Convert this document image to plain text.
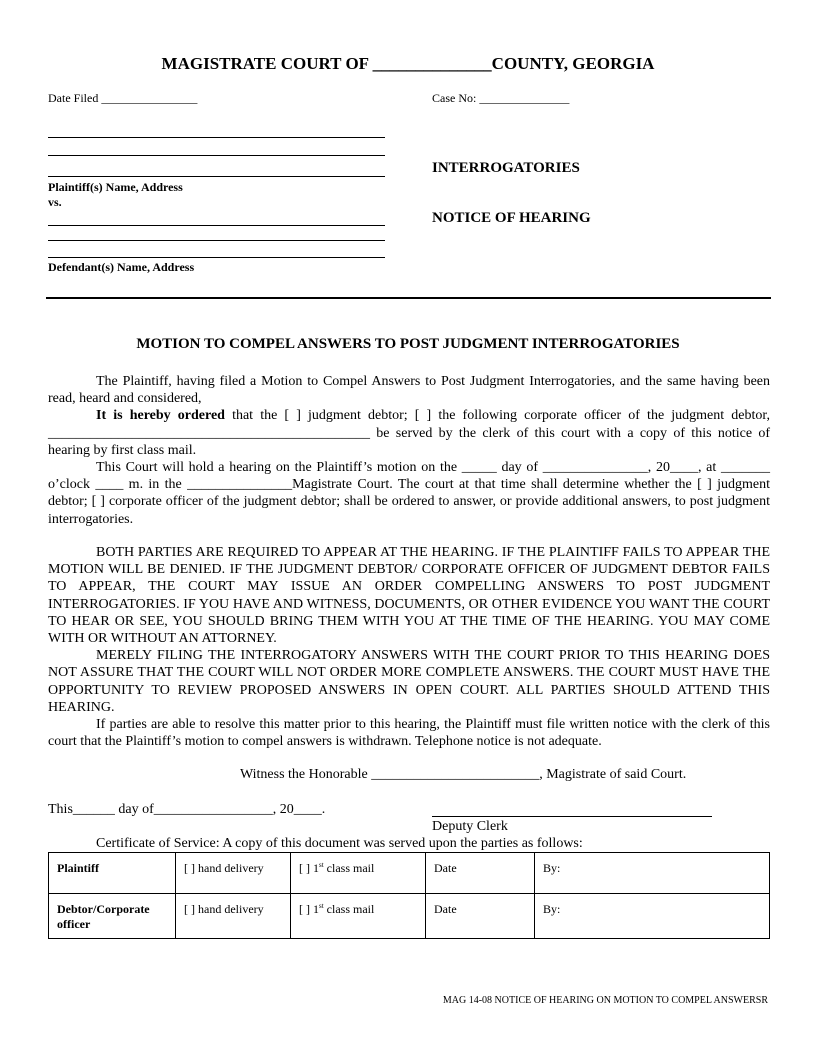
MAGISTRATE COURT OF ______________COUNTY, GEORGIA
Date Filed ________________	Case No: _______________
Plaintiff(s) Name, Address
vs.
Defendant(s) Name, Address
INTERROGATORIES
NOTICE OF HEARING
MOTION TO COMPEL ANSWERS TO POST JUDGMENT INTERROGATORIES

The Plaintiff, having filed a Motion to Compel Answers to Post Judgment Interrogatories, and the same having been read, heard and considered,

It is hereby ordered that the [ ] judgment debtor; [ ] the following corporate officer of the judgment debtor, ______________________________________________ be served by the clerk of this court with a copy of this notice of hearing by first class mail.

This Court will hold a hearing on the Plaintiff’s motion on the _____ day of _______________, 20____, at _______ o’clock ____ m. in the _______________Magistrate Court. The court at that time shall determine whether the [ ] judgment debtor; [ ] corporate officer of the judgment debtor; shall be ordered to answer, or provide additional answers, to post judgment interrogatories.

BOTH PARTIES ARE REQUIRED TO APPEAR AT THE HEARING. IF THE PLAINTIFF FAILS TO APPEAR THE MOTION WILL BE DENIED. IF THE JUDGMENT DEBTOR/ CORPORATE OFFICER OF JUDGMENT DEBTOR FAILS TO APPEAR, THE COURT MAY ISSUE AN ORDER COMPELLING ANSWERS TO POST JUDGMENT INTERROGATORIES. IF YOU HAVE AND WITNESS, DOCUMENTS, OR OTHER EVIDENCE YOU WANT THE COURT TO HEAR OR SEE, YOU SHOULD BRING THEM WITH YOU AT THE TIME OF THE HEARING. YOU MAY COME WITH OR WITHOUT AN ATTORNEY.

MERELY FILING THE INTERROGATORY ANSWERS WITH THE COURT PRIOR TO THIS HEARING DOES NOT ASSURE THAT THE COURT WILL NOT ORDER MORE COMPLETE ANSWERS. THE COURT MUST HAVE THE OPPORTUNITY TO REVIEW PROPOSED ANSWERS IN OPEN COURT. ALL PARTIES SHOULD ATTEND THIS HEARING.

If parties are able to resolve this matter prior to this hearing, the Plaintiff must file written notice with the clerk of this court that the Plaintiff’s motion to compel answers is withdrawn. Telephone notice is not adequate.

Witness the Honorable ________________________, Magistrate of said Court.
This______ day of_________________, 20____.
Deputy Clerk
Certificate of Service: A copy of this document was served upon the parties as follows:
Plaintiff	[ ] hand delivery	[ ] 1st class mail	Date	By:
Debtor/Corporate officer	[ ] hand delivery	[ ] 1st class mail	Date	By:
MAG 14-08 NOTICE OF HEARING ON MOTION TO COMPEL ANSWERSR
